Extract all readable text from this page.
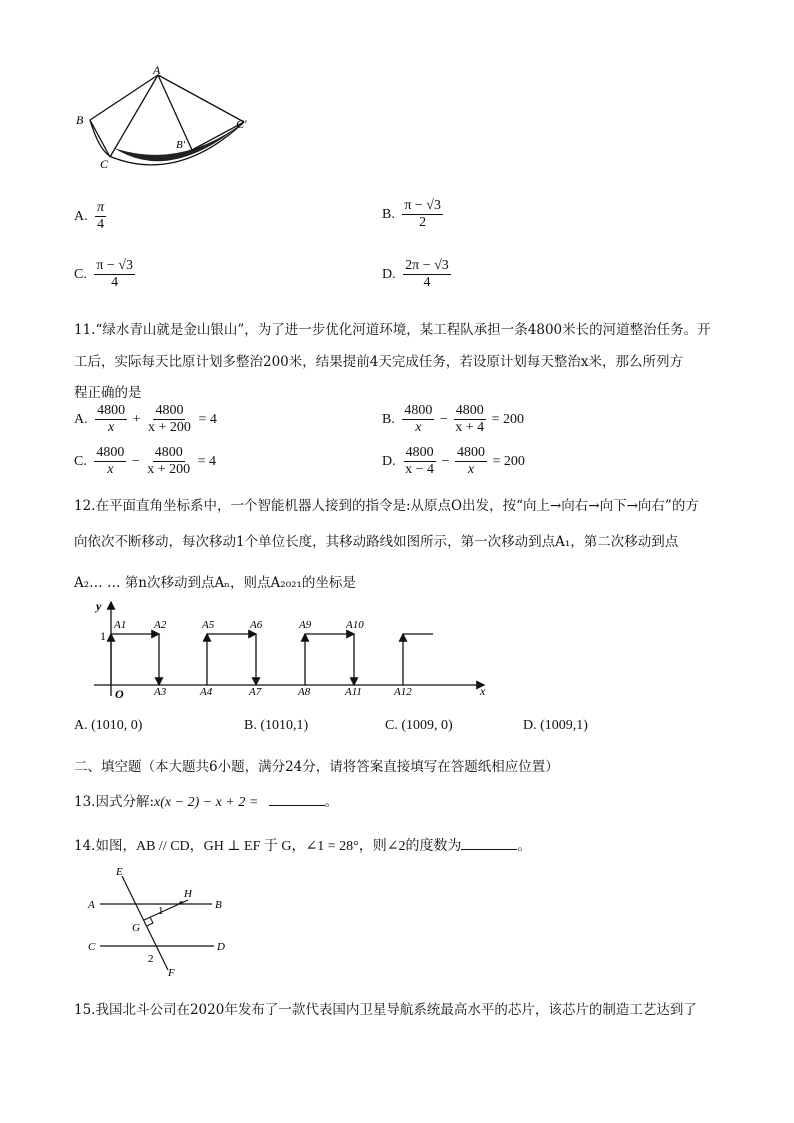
A
B
C
B'
C'
A. $\frac{\pi}{4}$	B. $\frac{\pi - √3}{2}$
C. $\frac{\pi - √3}{4}$	D. $\frac{2\pi - √3}{4}$
11.“绿水青山就是金山银山”，为了进一步优化河道环境，某工程队承担一条4800米长的河道整治任务。开
工后，实际每天比原计划多整治200米，结果提前4天完成任务，若设原计划每天整治x米，那么所列方
程正确的是
A. $\frac{4800}{x} + \frac{4800}{x + 200} = 4$	B. $\frac{4800}{x} - \frac{4800}{x + 4} = 200$
C. $\frac{4800}{x} - \frac{4800}{x + 200} = 4$	D. $\frac{4800}{x - 4} - \frac{4800}{x} = 200$
12.在平面直角坐标系中，一个智能机器人接到的指令是:从原点O出发，按“向上→向右→向下→向右”的方
向依次不断移动，每次移动1个单位长度，其移动路线如图所示，第一次移动到点A₁，第二次移动到点
A₂… … 第n次移动到点Aₙ，则点A₂₀₂₁的坐标是
y
x
1
O
A1	A2	A5	A6	A9	A10
A3	A4	A7	A8	A11	A12
A. (1010, 0)	B. (1010,1)	C. (1009, 0)	D. (1009,1)
二、填空题（本大题共6小题，满分24分，请将答案直接填写在答题纸相应位置）
13.因式分解:x(x − 2) − x + 2 =	。
14.如图，AB // CD，GH ⊥ EF 于 G，∠1 = 28°，则∠2的度数为	。
E
A	B
H
G
C	D
F
1
2
15.我国北斗公司在2020年发布了一款代表国内卫星导航系统最高水平的芯片，该芯片的制造工艺达到了
